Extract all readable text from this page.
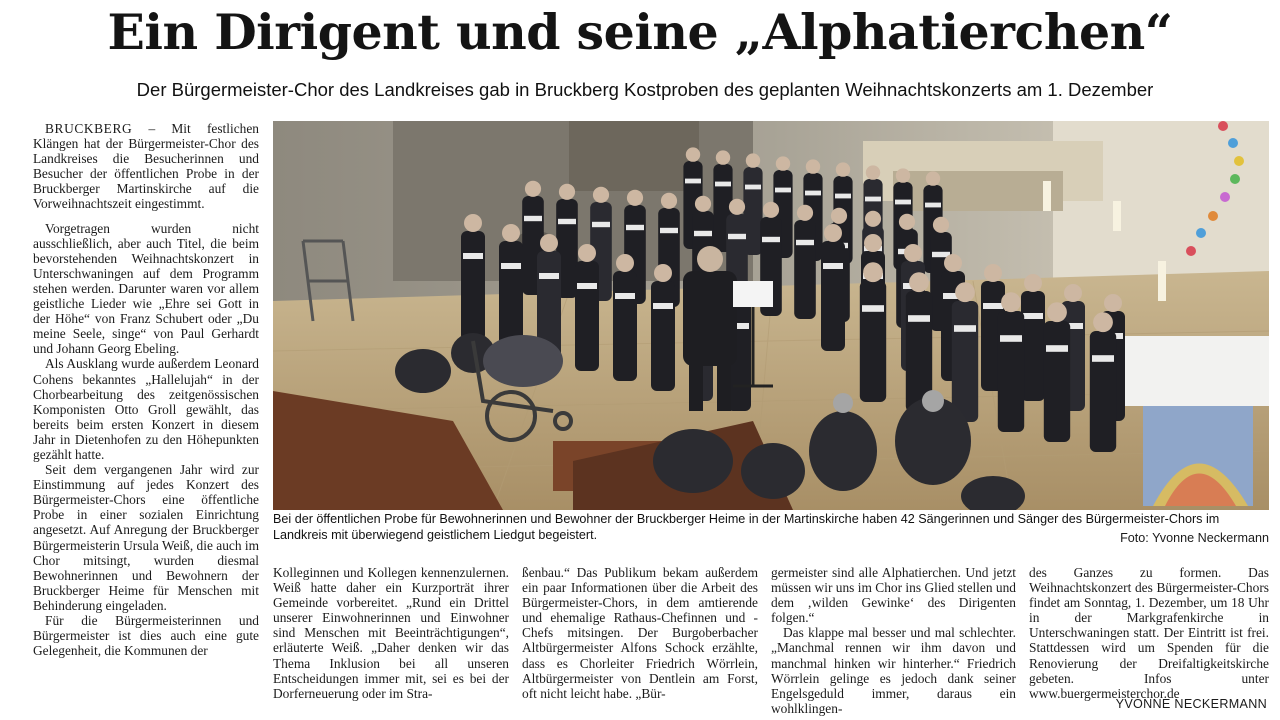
Ein Dirigent und seine „Alphatierchen“
Der Bürgermeister-Chor des Landkreises gab in Bruckberg Kostproben des geplanten Weihnachtskonzerts am 1. Dezember

BRUCKBERG – Mit festlichen Klängen hat der Bürgermeister-Chor des Landkreises die Besucherinnen und Besucher der öffentlichen Probe in der Bruckberger Martinskirche auf die Vorweihnachtszeit eingestimmt.

Vorgetragen wurden nicht ausschließlich, aber auch Titel, die beim bevorstehenden Weihnachtskonzert in Unterschwaningen auf dem Programm stehen werden. Darunter waren vor allem geistliche Lieder wie „Ehre sei Gott in der Höhe“ von Franz Schubert oder „Du meine Seele, singe“ von Paul Gerhardt und Johann Georg Ebeling.

Als Ausklang wurde außerdem Leonard Cohens bekanntes „Hallelujah“ in der Chorbearbeitung des zeitgenössischen Komponisten Otto Groll gewählt, das bereits beim ersten Konzert in diesem Jahr in Dietenhofen zu den Höhepunkten gezählt hatte.

Seit dem vergangenen Jahr wird zur Einstimmung auf jedes Konzert des Bürgermeister-Chors eine öffentliche Probe in einer sozialen Einrichtung angesetzt. Auf Anregung der Bruckberger Bürgermeisterin Ursula Weiß, die auch im Chor mitsingt, wurden diesmal Bewohnerinnen und Bewohnern der Bruckberger Heime für Menschen mit Behinderung eingeladen.

Für die Bürgermeisterinnen und Bürgermeister ist dies auch eine gute Gelegenheit, die Kommunen der

Bei der öffentlichen Probe für Bewohnerinnen und Bewohner der Bruckberger Heime in der Martinskirche haben 42 Sängerinnen und Sänger des Bürgermeister-Chors im Landkreis mit überwiegend geistlichem Liedgut begeistert.	Foto: Yvonne Neckermann

Kolleginnen und Kollegen kennenzulernen. Weiß hatte daher ein Kurzporträt ihrer Gemeinde vorbereitet. „Rund ein Drittel unserer Einwohnerinnen und Einwohner sind Menschen mit Beeinträchtigungen“, erläuterte Weiß. „Daher denken wir das Thema Inklusion bei all unseren Entscheidungen immer mit, sei es bei der Dorferneuerung oder im Stra-

ßenbau.“ Das Publikum bekam außerdem ein paar Informationen über die Arbeit des Bürgermeister-Chors, in dem amtierende und ehemalige Rathaus-Chefinnen und -Chefs mitsingen. Der Burgoberbacher Altbürgermeister Alfons Schock erzählte, dass es Chorleiter Friedrich Wörrlein, Altbürgermeister von Dentlein am Forst, oft nicht leicht habe. „Bür-

germeister sind alle Alphatierchen. Und jetzt müssen wir uns im Chor ins Glied stellen und dem ‚wilden Gewinke‘ des Dirigenten folgen.“

Das klappe mal besser und mal schlechter. „Manchmal rennen wir ihm davon und manchmal hinken wir hinterher.“ Friedrich Wörrlein gelinge es jedoch dank seiner Engelsgeduld immer, daraus ein wohlklingen-

des Ganzes zu formen. Das Weihnachtskonzert des Bürgermeister-Chors findet am Sonntag, 1. Dezember, um 18 Uhr in der Markgrafenkirche in Unterschwaningen statt. Der Eintritt ist frei. Stattdessen wird um Spenden für die Renovierung der Dreifaltigkeitskirche gebeten. Infos unter www.buergermeisterchor.de

YVONNE NECKERMANN
